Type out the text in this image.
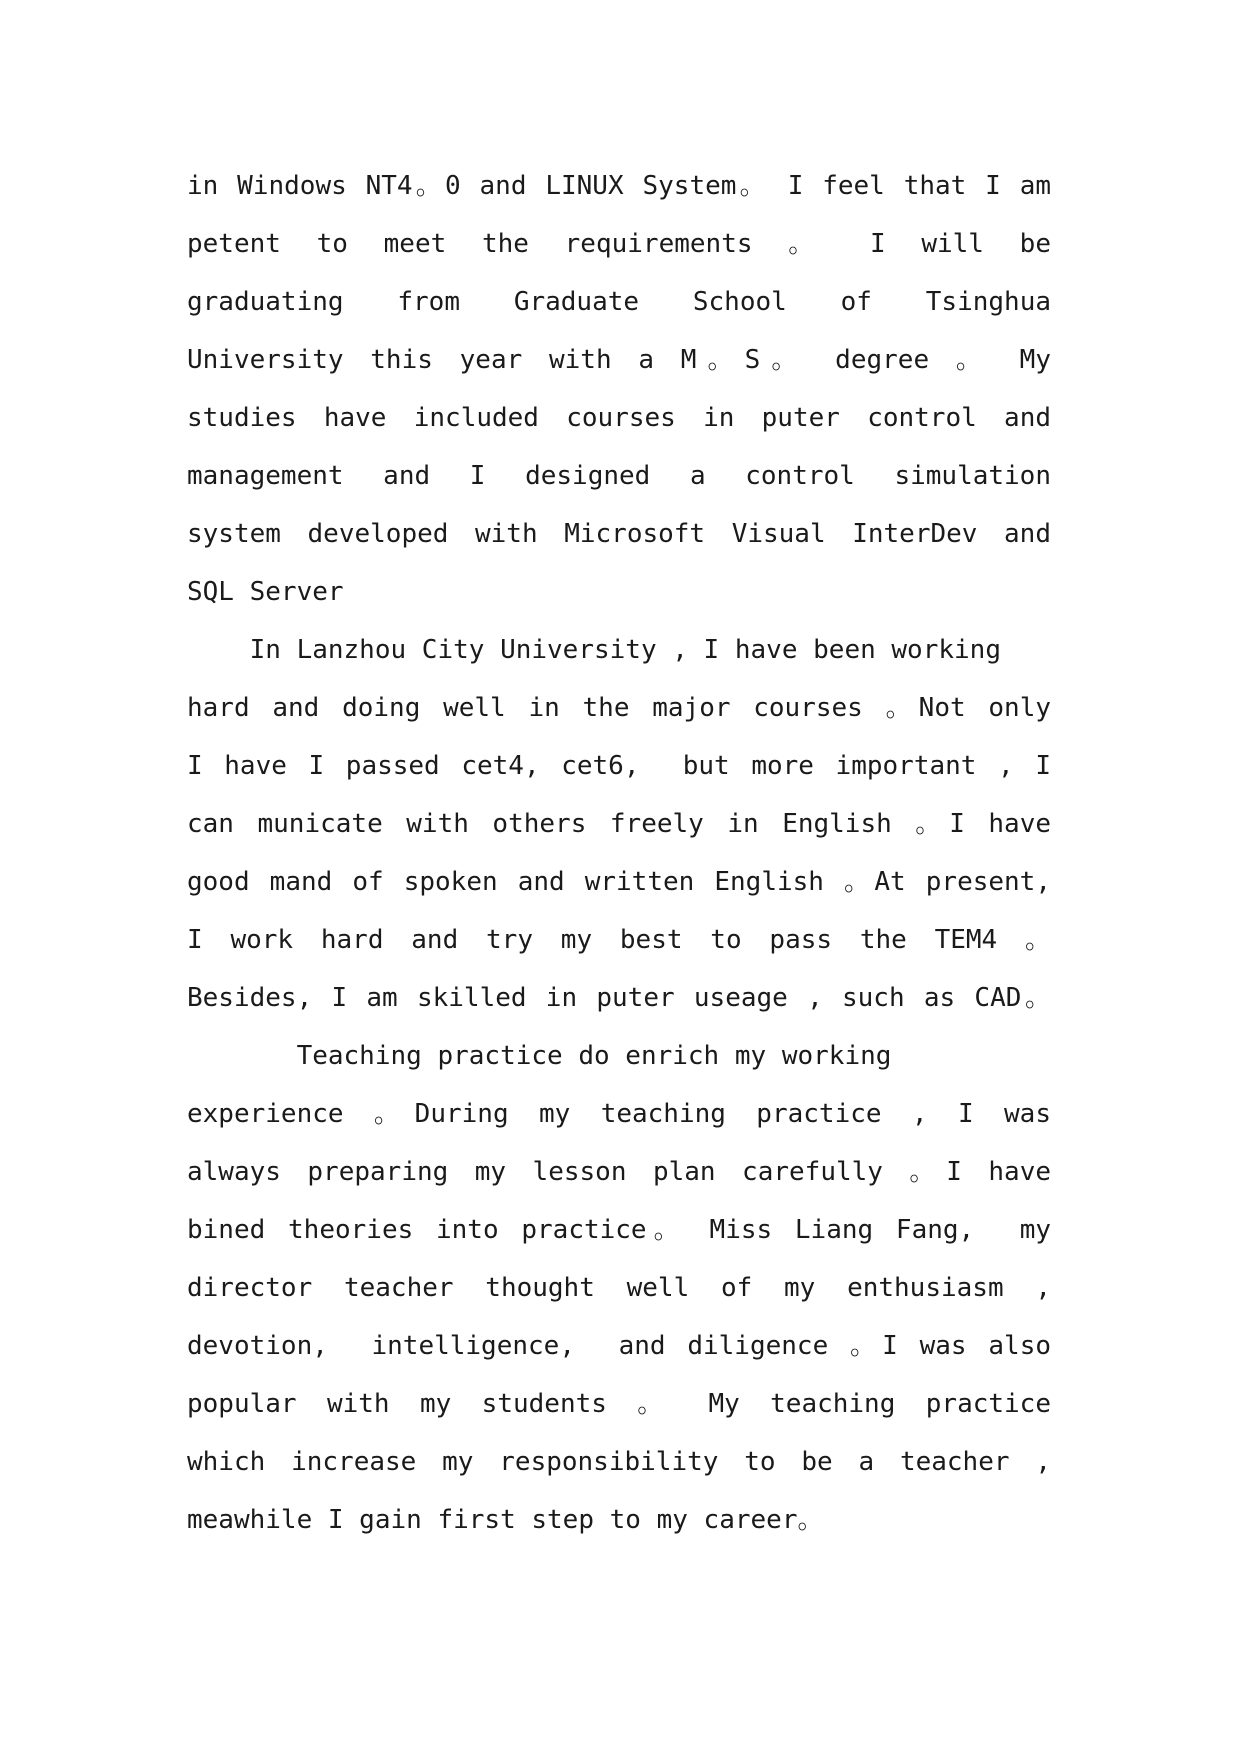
in Windows NT4。0 and LINUX System。 I feel that I am
petent to meet the requirements 。 I will be
graduating from Graduate School of Tsinghua
University this year with a M。S。 degree 。 My
studies have included courses in puter control and
management and I designed a control simulation
system developed with Microsoft Visual InterDev and
SQL Server
In Lanzhou City University , I have been working
hard and doing well in the major courses 。Not only
I have I passed cet4, cet6,  but more important , I
can municate with others freely in English 。I have
good mand of spoken and written English 。At present,
I work hard and try my best to pass the TEM4 。
Besides, I am skilled in puter useage , such as CAD。
Teaching practice do enrich my working
experience 。During my teaching practice , I was
always preparing my lesson plan carefully 。I have
bined theories into practice。 Miss Liang Fang,  my
director teacher thought well of my enthusiasm ,
devotion,  intelligence,  and diligence 。I was also
popular with my students 。 My teaching practice
which increase my responsibility to be a teacher ,
meawhile I gain first step to my career。
